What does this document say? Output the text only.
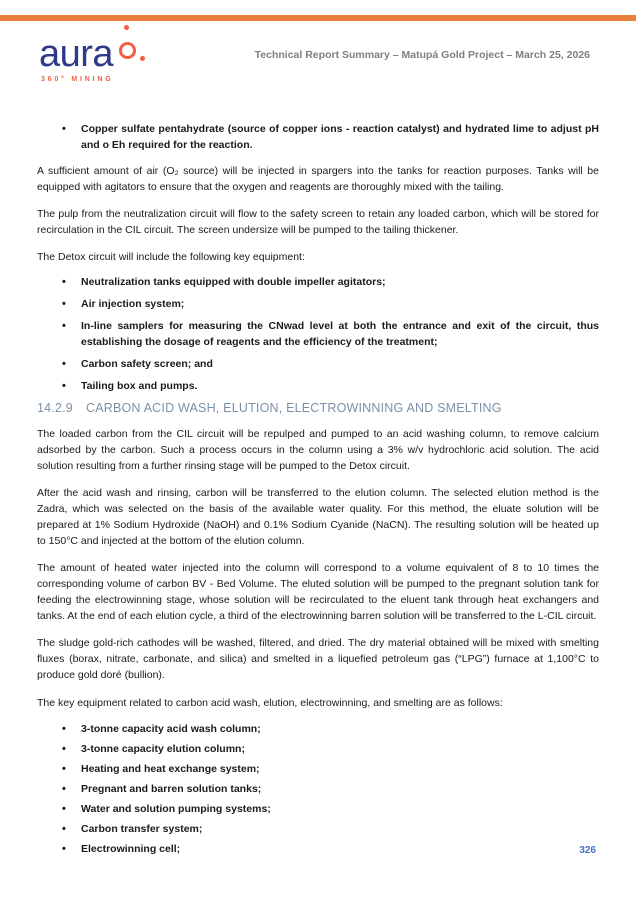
aura
360° MINING
Technical Report Summary – Matupá Gold Project – March 25, 2026
• Copper sulfate pentahydrate (source of copper ions - reaction catalyst) and hydrated lime to adjust pH and o Eh required for the reaction.

A sufficient amount of air (O₂ source) will be injected in spargers into the tanks for reaction purposes. Tanks will be equipped with agitators to ensure that the oxygen and reagents are thoroughly mixed with the tailing.

The pulp from the neutralization circuit will flow to the safety screen to retain any loaded carbon, which will be stored for recirculation in the CIL circuit. The screen undersize will be pumped to the tailing thickener.

The Detox circuit will include the following key equipment:

• Neutralization tanks equipped with double impeller agitators;
• Air injection system;
• In-line samplers for measuring the CNwad level at both the entrance and exit of the circuit, thus establishing the dosage of reagents and the efficiency of the treatment;
• Carbon safety screen; and
• Tailing box and pumps.
14.2.9 CARBON ACID WASH, ELUTION, ELECTROWINNING AND SMELTING

The loaded carbon from the CIL circuit will be repulped and pumped to an acid washing column, to remove calcium adsorbed by the carbon. Such a process occurs in the column using a 3% w/v hydrochloric acid solution. The acid solution resulting from a further rinsing stage will be pumped to the Detox circuit.

After the acid wash and rinsing, carbon will be transferred to the elution column. The selected elution method is the Zadra, which was selected on the basis of the available water quality. For this method, the eluate solution will be prepared at 1% Sodium Hydroxide (NaOH) and 0.1% Sodium Cyanide (NaCN). The resulting solution will be heated up to 150°C and injected at the bottom of the elution column.

The amount of heated water injected into the column will correspond to a volume equivalent of 8 to 10 times the corresponding volume of carbon BV - Bed Volume. The eluted solution will be pumped to the pregnant solution tank for feeding the electrowinning stage, whose solution will be recirculated to the eluent tank through heat exchangers and tanks. At the end of each elution cycle, a third of the electrowinning barren solution will be transferred to the L-CIL circuit.

The sludge gold-rich cathodes will be washed, filtered, and dried. The dry material obtained will be mixed with smelting fluxes (borax, nitrate, carbonate, and silica) and smelted in a liquefied petroleum gas (“LPG”) furnace at 1,100°C to produce gold doré (bullion).

The key equipment related to carbon acid wash, elution, electrowinning, and smelting are as follows:

• 3-tonne capacity acid wash column;
• 3-tonne capacity elution column;
• Heating and heat exchange system;
• Pregnant and barren solution tanks;
• Water and solution pumping systems;
• Carbon transfer system;
• Electrowinning cell;	326
